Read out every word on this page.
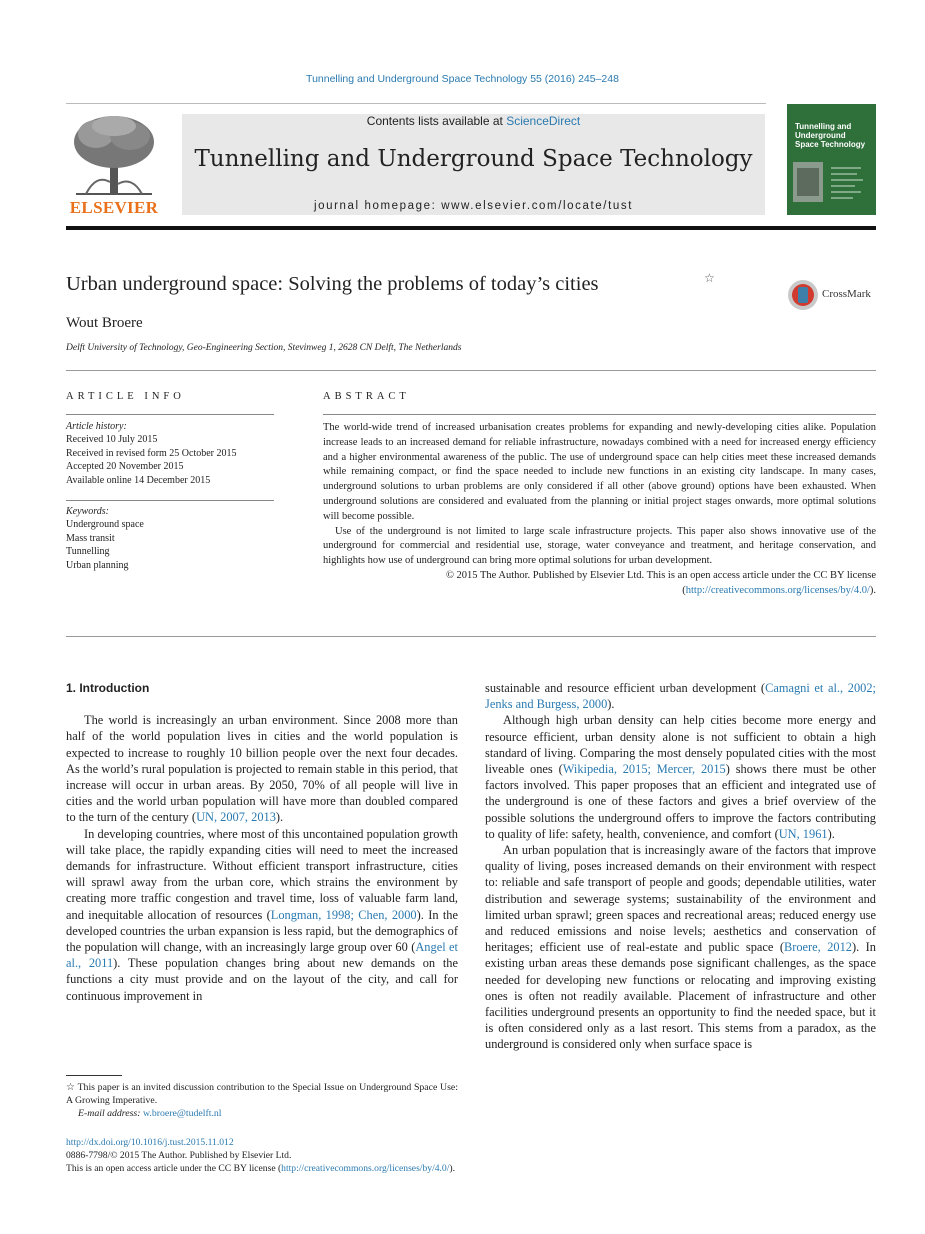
Tunnelling and Underground Space Technology 55 (2016) 245–248
ELSEVIER
Contents lists available at ScienceDirect
Tunnelling and Underground Space Technology
journal homepage: www.elsevier.com/locate/tust
Tunnelling and Underground Space Technology
Urban underground space: Solving the problems of today’s cities	☆
CrossMark
Wout Broere
Delft University of Technology, Geo-Engineering Section, Stevinweg 1, 2628 CN Delft, The Netherlands
ARTICLE INFO	ABSTRACT
Article history:
Received 10 July 2015
Received in revised form 25 October 2015
Accepted 20 November 2015
Available online 14 December 2015
Keywords:
Underground space
Mass transit
Tunnelling
Urban planning

The world-wide trend of increased urbanisation creates problems for expanding and newly-developing cities alike. Population increase leads to an increased demand for reliable infrastructure, nowadays combined with a need for increased energy efficiency and a higher environmental awareness of the public. The use of underground space can help cities meet these increased demands while remaining compact, or find the space needed to include new functions in an existing city landscape. In many cases, underground solutions to urban problems are only considered if all other (above ground) options have been exhausted. When underground solutions are considered and evaluated from the planning or initial project stages onwards, more optimal solutions will become possible.

Use of the underground is not limited to large scale infrastructure projects. This paper also shows innovative use of the underground for commercial and residential use, storage, water conveyance and treatment, and heritage conservation, and highlights how use of underground can bring more optimal solutions for urban development.

© 2015 The Author. Published by Elsevier Ltd. This is an open access article under the CC BY license

(http://creativecommons.org/licenses/by/4.0/).

1. Introduction

The world is increasingly an urban environment. Since 2008 more than half of the world population lives in cities and the world population is expected to increase to roughly 10 billion people over the next four decades. As the world’s rural population is projected to remain stable in this period, that increase will occur in urban areas. By 2050, 70% of all people will live in cities and the world urban population will have more than doubled compared to the turn of the century (UN, 2007, 2013).

In developing countries, where most of this uncontained population growth will take place, the rapidly expanding cities will need to meet the increased demands for infrastructure. Without efficient transport infrastructure, cities will sprawl away from the urban core, which strains the environment by creating more traffic congestion and travel time, loss of valuable farm land, and inequitable allocation of resources (Longman, 1998; Chen, 2000). In the developed countries the urban expansion is less rapid, but the demographics of the population will change, with an increasingly large group over 60 (Angel et al., 2011). These population changes bring about new demands on the functions a city must provide and on the layout of the city, and call for continuous improvement in

sustainable and resource efficient urban development (Camagni et al., 2002; Jenks and Burgess, 2000).

Although high urban density can help cities become more energy and resource efficient, urban density alone is not sufficient to obtain a high standard of living. Comparing the most densely populated cities with the most liveable ones (Wikipedia, 2015; Mercer, 2015) shows there must be other factors involved. This paper proposes that an efficient and integrated use of the underground is one of these factors and gives a brief overview of the possible solutions the underground offers to improve the factors contributing to quality of life: safety, health, convenience, and comfort (UN, 1961).

An urban population that is increasingly aware of the factors that improve quality of living, poses increased demands on their environment with respect to: reliable and safe transport of people and goods; dependable utilities, water distribution and sewerage systems; sustainability of the environment and limited urban sprawl; green spaces and recreational areas; reduced energy use and reduced emissions and noise levels; aesthetics and conservation of heritages; efficient use of real-estate and public space (Broere, 2012). In existing urban areas these demands pose significant challenges, as the space needed for developing new functions or relocating and improving existing ones is often not readily available. Placement of infrastructure and other facilities underground presents an opportunity to find the needed space, but it is often considered only as a last resort. This stems from a paradox, as the underground is considered only when surface space is

☆ This paper is an invited discussion contribution to the Special Issue on Underground Space Use: A Growing Imperative.

E-mail address: w.broere@tudelft.nl

http://dx.doi.org/10.1016/j.tust.2015.11.012
0886-7798/© 2015 The Author. Published by Elsevier Ltd.
This is an open access article under the CC BY license (http://creativecommons.org/licenses/by/4.0/).
